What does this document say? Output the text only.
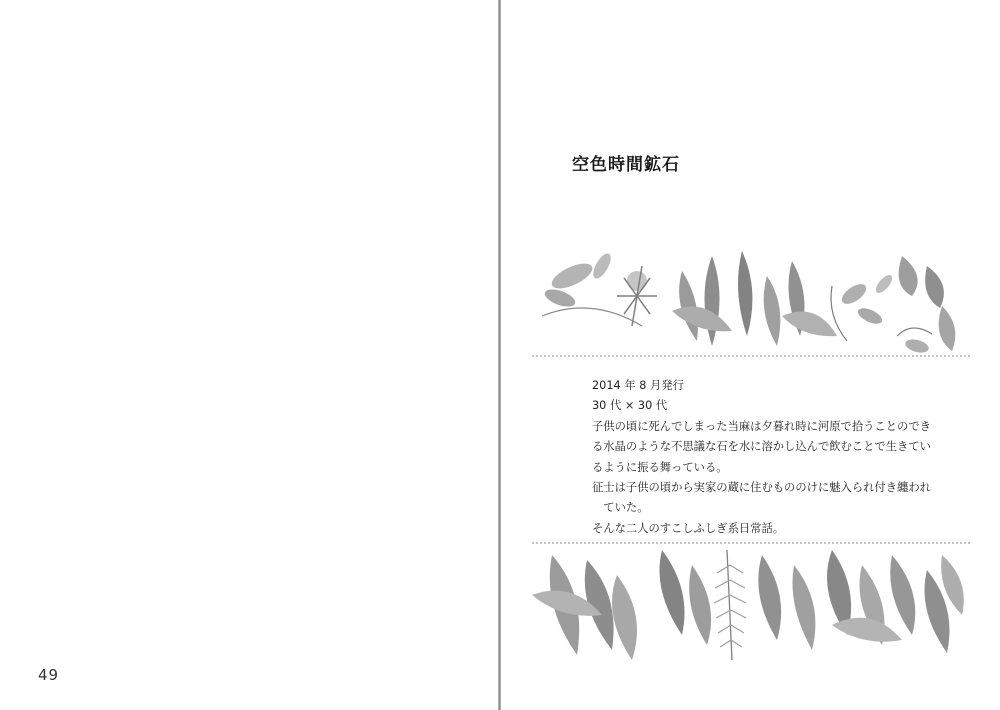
49
空色時間鉱石

2014 年 8 月発行

30 代 × 30 代

子供の頃に死んでしまった当麻は夕暮れ時に河原で拾うことのでき

る水晶のような不思議な石を水に溶かし込んで飲むことで生きてい

るように振る舞っている。

征士は子供の頃から実家の蔵に住むもののけに魅入られ付き纏われ

ていた。

そんな二人のすこしふしぎ系日常話。
